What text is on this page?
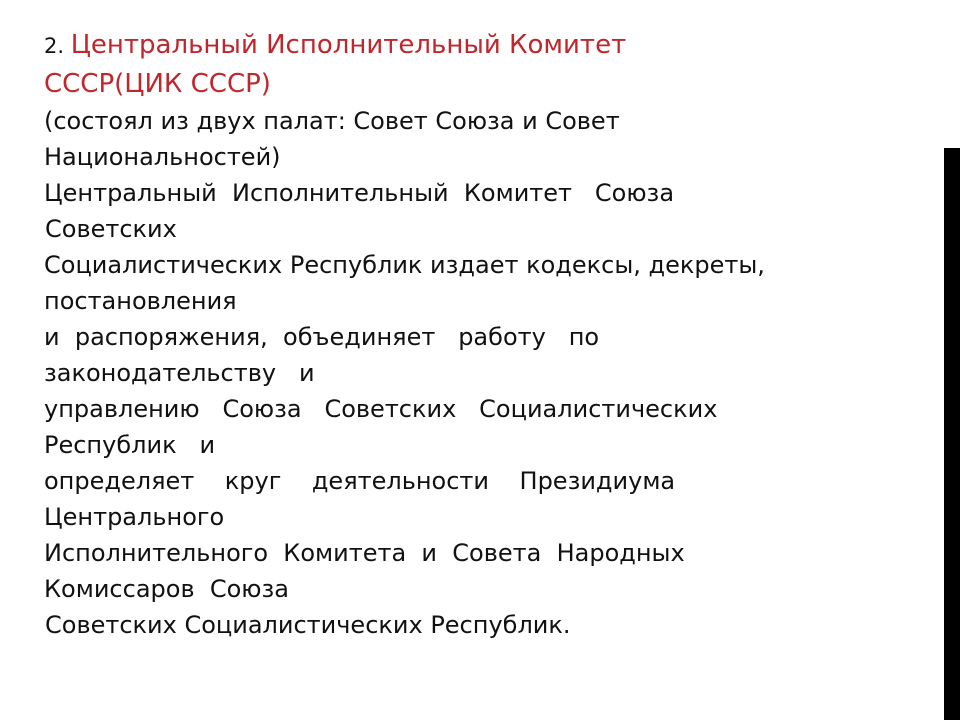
2. Центральный Исполнительный Комитет
СССР(ЦИК СССР)
(состоял из двух палат: Совет Союза и Совет
Национальностей)
Центральный  Исполнительный  Комитет   Союза
Советских
Социалистических Республик издает кодексы, декреты,
постановления
и  распоряжения,  объединяет   работу   по
законодательству   и
управлению   Союза   Советских   Социалистических
Республик   и
определяет    круг    деятельности    Президиума
Центрального
Исполнительного  Комитета  и  Совета  Народных
Комиссаров  Союза
Советских Социалистических Республик.
